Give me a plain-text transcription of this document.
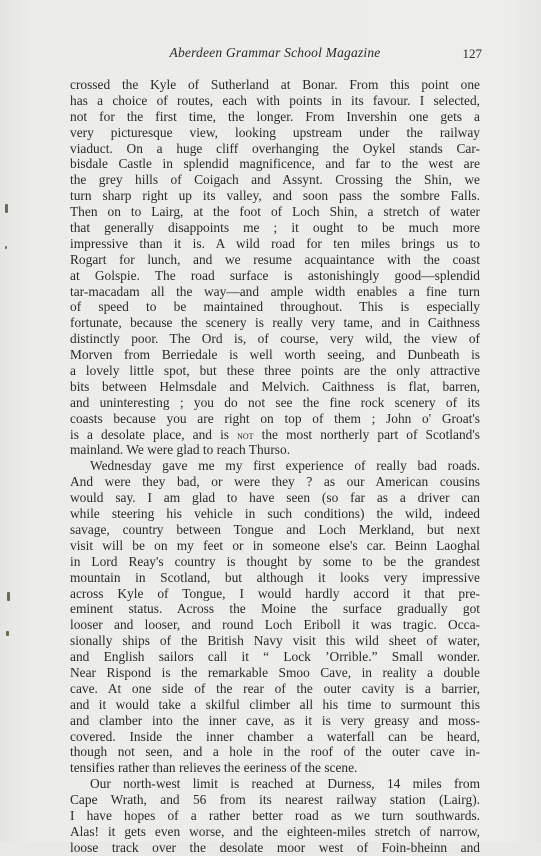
Aberdeen Grammar School Magazine	127
crossed the Kyle of Sutherland at Bonar. From this point one
has a choice of routes, each with points in its favour. I selected,
not for the first time, the longer. From Invershin one gets a
very picturesque view, looking upstream under the railway
viaduct. On a huge cliff overhanging the Oykel stands Car-
bisdale Castle in splendid magnificence, and far to the west are
the grey hills of Coigach and Assynt. Crossing the Shin, we
turn sharp right up its valley, and soon pass the sombre Falls.
Then on to Lairg, at the foot of Loch Shin, a stretch of water
that generally disappoints me ; it ought to be much more
impressive than it is. A wild road for ten miles brings us to
Rogart for lunch, and we resume acquaintance with the coast
at Golspie. The road surface is astonishingly good—splendid
tar-macadam all the way—and ample width enables a fine turn
of speed to be maintained throughout. This is especially
fortunate, because the scenery is really very tame, and in Caithness
distinctly poor. The Ord is, of course, very wild, the view of
Morven from Berriedale is well worth seeing, and Dunbeath is
a lovely little spot, but these three points are the only attractive
bits between Helmsdale and Melvich. Caithness is flat, barren,
and uninteresting ; you do not see the fine rock scenery of its
coasts because you are right on top of them ; John o' Groat's
is a desolate place, and is not the most northerly part of Scotland's
mainland. We were glad to reach Thurso.
Wednesday gave me my first experience of really bad roads.
And were they bad, or were they ? as our American cousins
would say. I am glad to have seen (so far as a driver can
while steering his vehicle in such conditions) the wild, indeed
savage, country between Tongue and Loch Merkland, but next
visit will be on my feet or in someone else's car. Beinn Laoghal
in Lord Reay's country is thought by some to be the grandest
mountain in Scotland, but although it looks very impressive
across Kyle of Tongue, I would hardly accord it that pre-
eminent status. Across the Moine the surface gradually got
looser and looser, and round Loch Eriboll it was tragic. Occa-
sionally ships of the British Navy visit this wild sheet of water,
and English sailors call it “ Lock ’Orrible.” Small wonder.
Near Rispond is the remarkable Smoo Cave, in reality a double
cave. At one side of the rear of the outer cavity is a barrier,
and it would take a skilful climber all his time to surmount this
and clamber into the inner cave, as it is very greasy and moss-
covered. Inside the inner chamber a waterfall can be heard,
though not seen, and a hole in the roof of the outer cave in-
tensifies rather than relieves the eeriness of the scene.
Our north-west limit is reached at Durness, 14 miles from
Cape Wrath, and 56 from its nearest railway station (Lairg).
I have hopes of a rather better road as we turn southwards.
Alas! it gets even worse, and the eighteen-miles stretch of narrow,
loose track over the desolate moor west of Foin-bheinn and
